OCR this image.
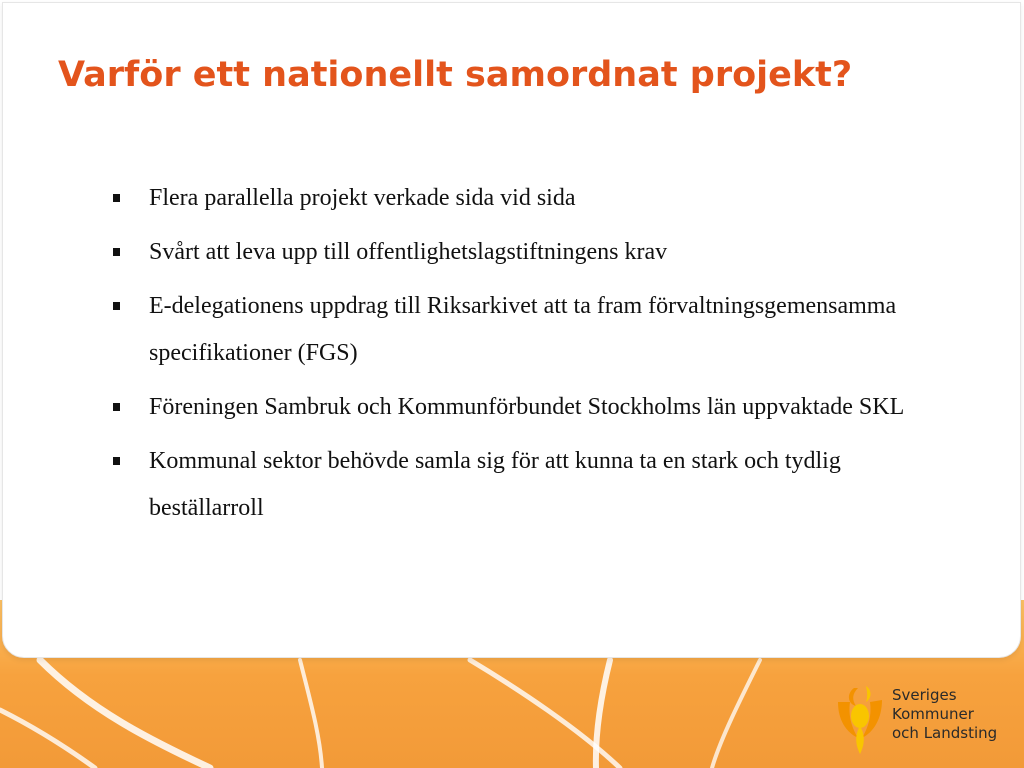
Varför ett nationellt samordnat projekt?
Flera parallella projekt verkade sida vid sida
Svårt att leva upp till offentlighetslagstiftningens krav
E-delegationens uppdrag till Riksarkivet att ta fram förvaltningsgemensamma specifikationer (FGS)
Föreningen Sambruk och Kommunförbundet Stockholms län uppvaktade SKL
Kommunal sektor behövde samla sig för att kunna ta en stark och tydlig beställarroll
Sveriges
Kommuner
och Landsting
